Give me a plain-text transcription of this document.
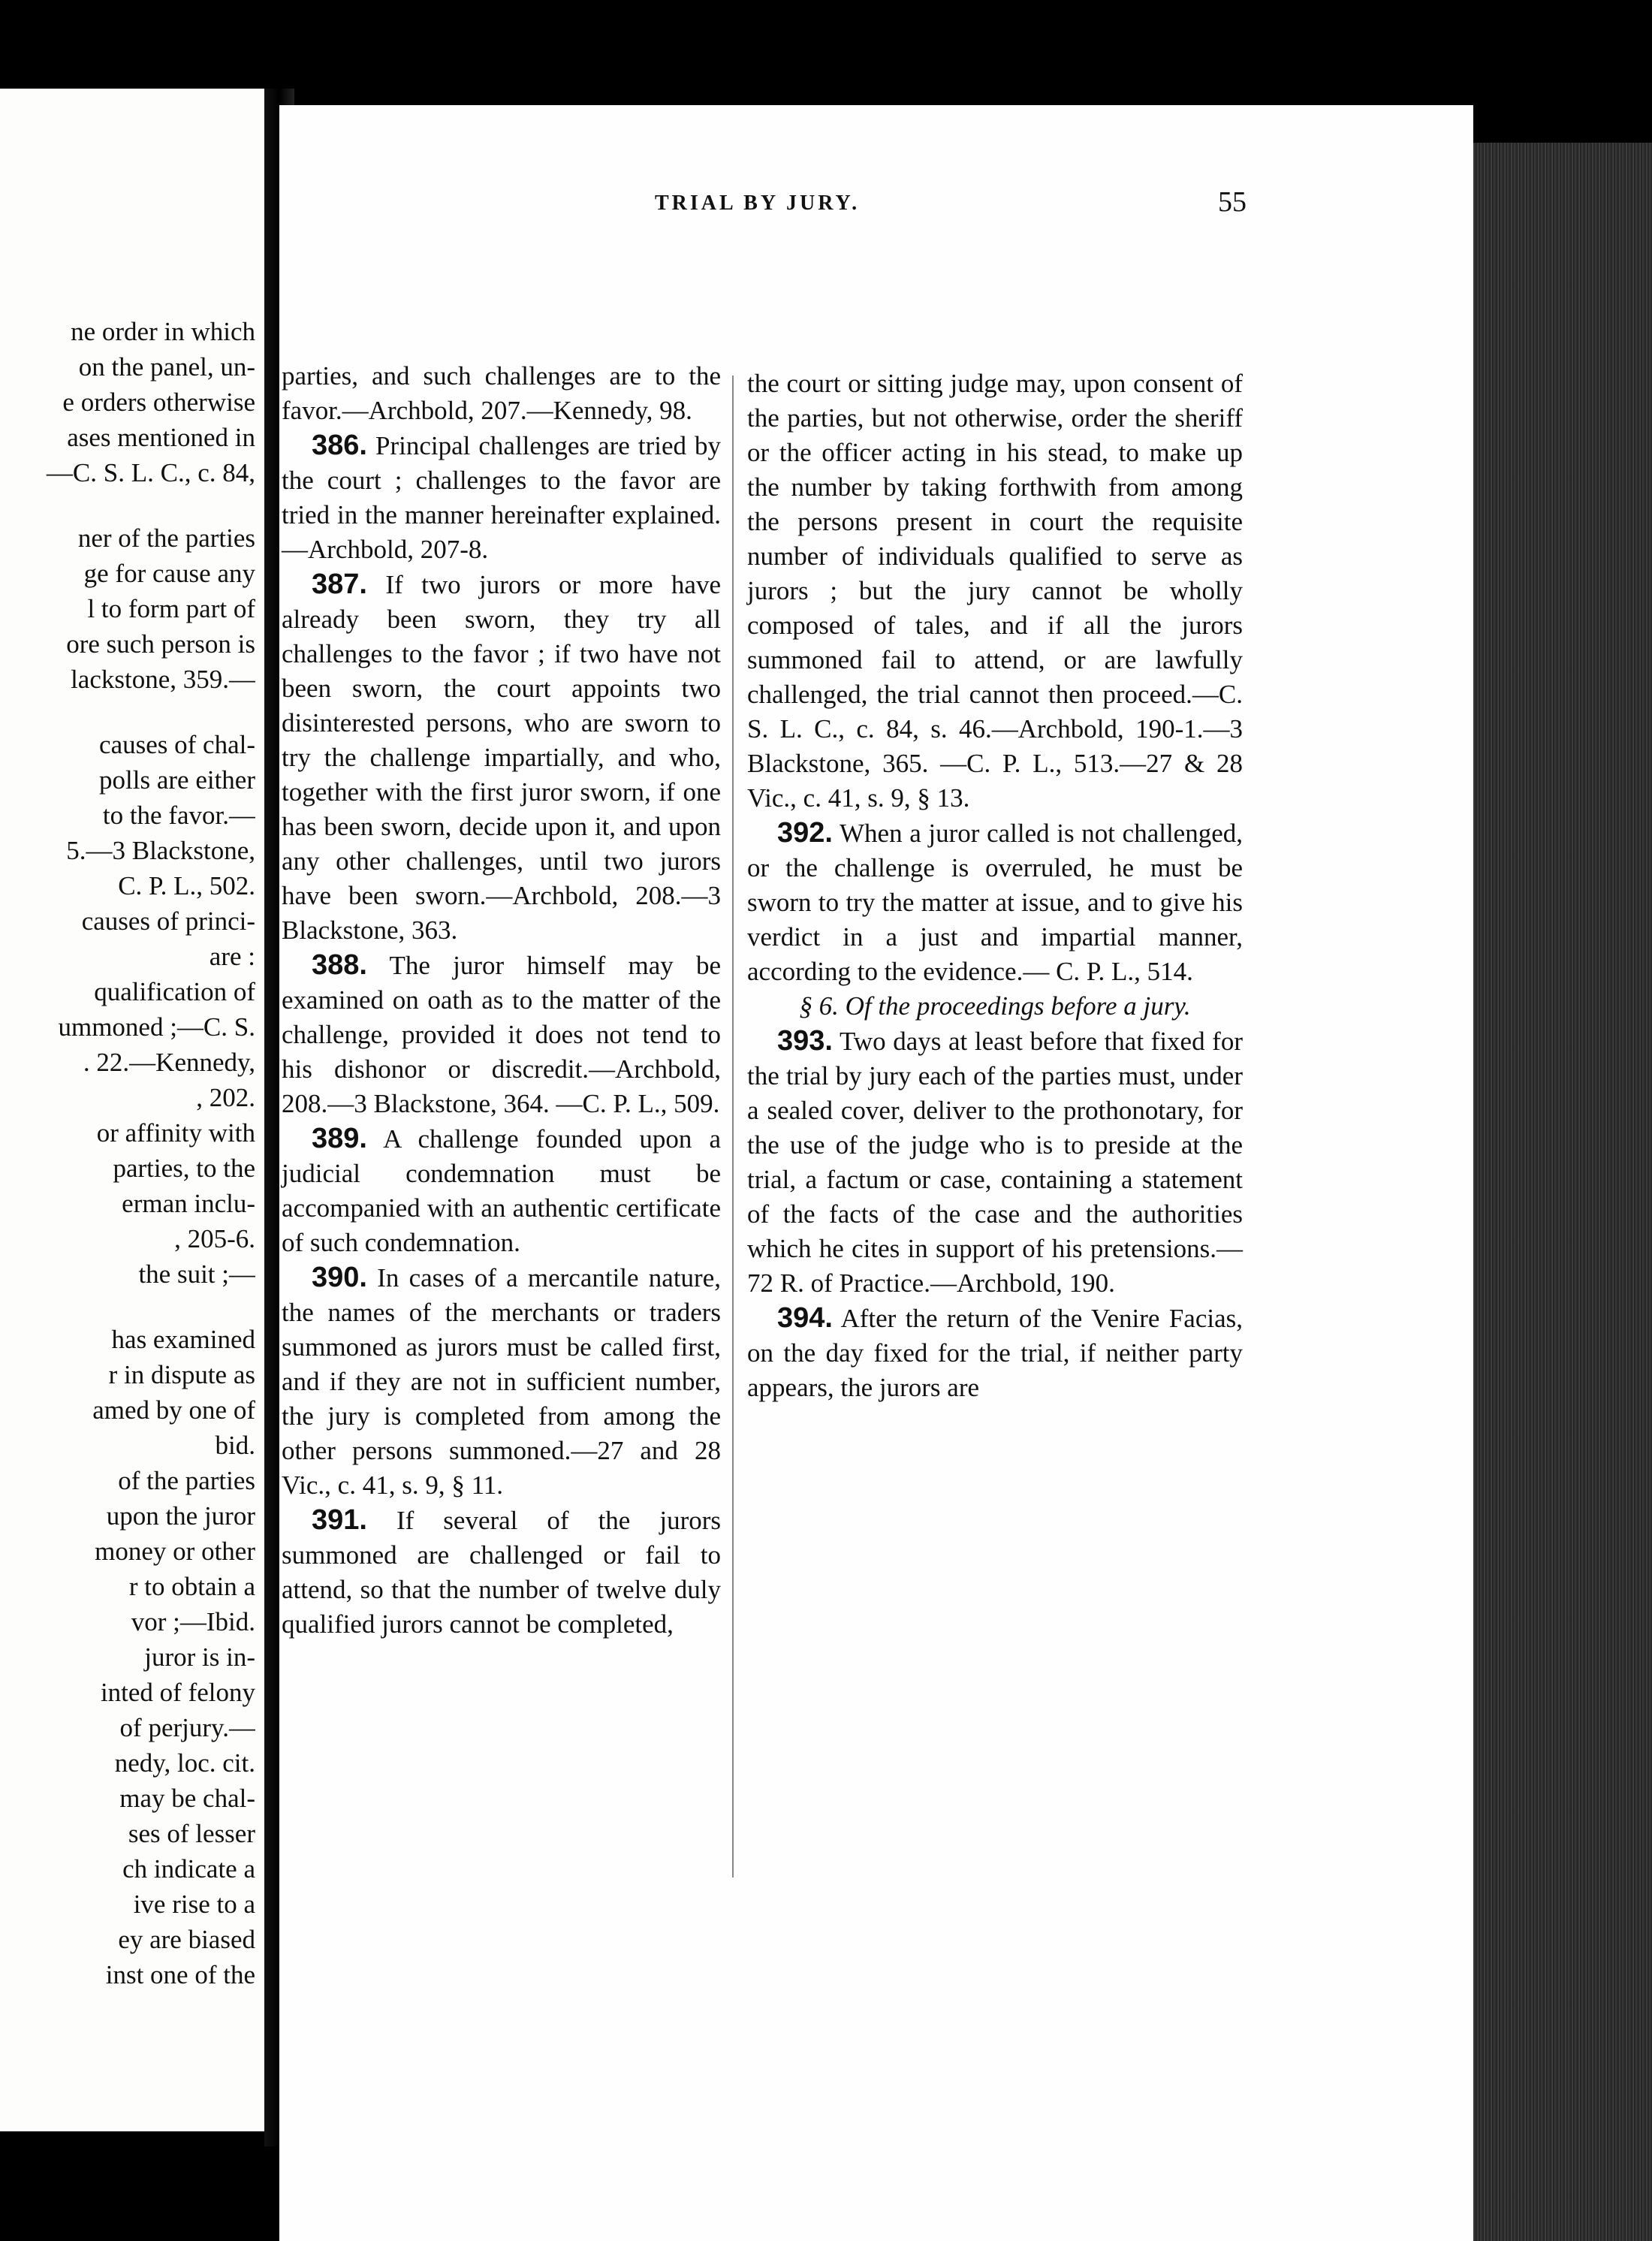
ne order in which
on the panel, un-
e orders otherwise
ases mentioned in
—C. S. L. C., c. 84,
ner of the parties
ge for cause any
l to form part of
ore such person is
lackstone, 359.—
causes of chal-
polls are either
to the favor.—
5.—3 Blackstone,
C. P. L., 502.
causes of princi-
are :
qualification of
ummoned ;—C. S.
. 22.—Kennedy,
, 202.
or affinity with
parties, to the
erman inclu-
, 205-6.
the suit ;—
has examined
r in dispute as
amed by one of
bid.
of the parties
upon the juror
money or other
r to obtain a
vor ;—Ibid.
juror is in-
inted of felony
of perjury.—
nedy, loc. cit.
may be chal-
ses of lesser
ch indicate a
ive rise to a
ey are biased
inst one of the
TRIAL BY JURY.	55

parties, and such challenges are to the favor.—Archbold, 207.—Kennedy, 98.

386. Principal challenges are tried by the court ; challenges to the favor are tried in the manner hereinafter explained.—Archbold, 207-8.

387. If two jurors or more have already been sworn, they try all challenges to the favor ; if two have not been sworn, the court appoints two disinterested persons, who are sworn to try the challenge impartially, and who, together with the first juror sworn, if one has been sworn, decide upon it, and upon any other challenges, until two jurors have been sworn.—Archbold, 208.—3 Blackstone, 363.

388. The juror himself may be examined on oath as to the matter of the challenge, provided it does not tend to his dishonor or discredit.—Archbold, 208.—3 Blackstone, 364. —C. P. L., 509.

389. A challenge founded upon a judicial condemnation must be accompanied with an authentic certificate of such condemnation.

390. In cases of a mercantile nature, the names of the merchants or traders summoned as jurors must be called first, and if they are not in sufficient number, the jury is completed from among the other persons summoned.—27 and 28 Vic., c. 41, s. 9, § 11.

391. If several of the jurors summoned are challenged or fail to attend, so that the number of twelve duly qualified jurors cannot be completed,

the court or sitting judge may, upon consent of the parties, but not otherwise, order the sheriff or the officer acting in his stead, to make up the number by taking forthwith from among the persons present in court the requisite number of individuals qualified to serve as jurors ; but the jury cannot be wholly composed of tales, and if all the jurors summoned fail to attend, or are lawfully challenged, the trial cannot then proceed.—C. S. L. C., c. 84, s. 46.—Archbold, 190-1.—3 Blackstone, 365. —C. P. L., 513.—27 & 28 Vic., c. 41, s. 9, § 13.

392. When a juror called is not challenged, or the challenge is overruled, he must be sworn to try the matter at issue, and to give his verdict in a just and impartial manner, according to the evidence.— C. P. L., 514.

§ 6. Of the proceedings before a jury.

393. Two days at least before that fixed for the trial by jury each of the parties must, under a sealed cover, deliver to the prothonotary, for the use of the judge who is to preside at the trial, a factum or case, containing a statement of the facts of the case and the authorities which he cites in support of his pretensions.— 72 R. of Practice.—Archbold, 190.

394. After the return of the Venire Facias, on the day fixed for the trial, if neither party appears, the jurors are
